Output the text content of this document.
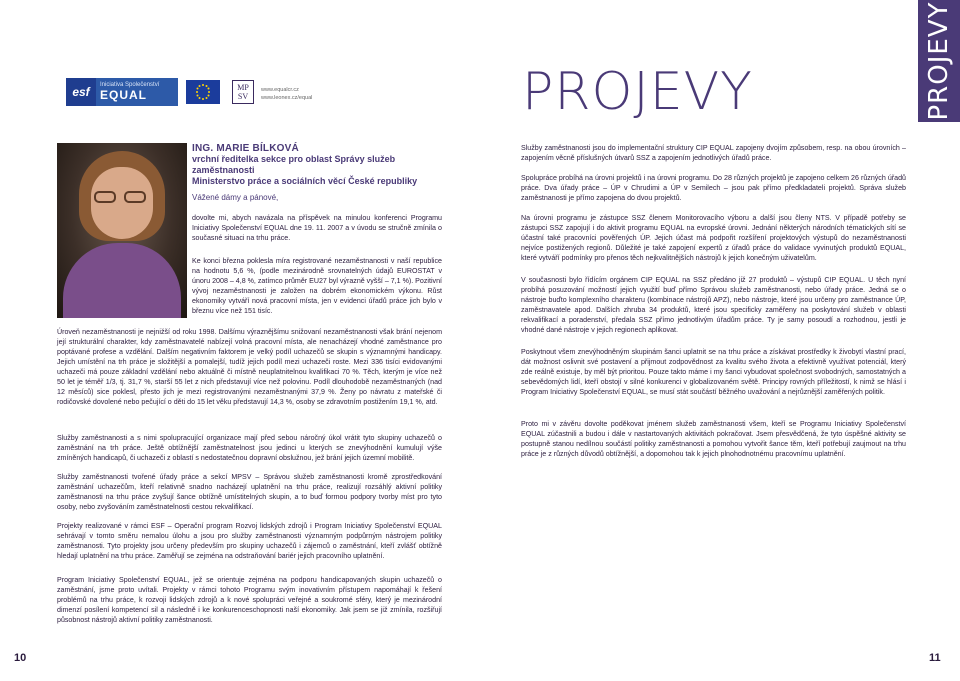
esf	Iniciativa Společenství
EQUAL
MP
SV
www.equalcr.cz
www.leonex.cz/equal	PROJEVY	PROJEVY
ING. MARIE BÍLKOVÁ
vrchní ředitelka sekce pro oblast Správy služeb zaměstnanosti
Ministerstvo práce a sociálních věcí České republiky
Vážené dámy a pánové,

dovolte mi, abych navázala na příspěvek na minulou konferenci Programu Iniciativy Společenství EQUAL dne 19. 11. 2007 a v úvodu se stručně zmínila o současné situaci na trhu práce.

Ke konci března poklesla míra registrované nezaměstnanosti v naší republice na hodnotu 5,6 %, (podle mezinárodně srovnatelných údajů EUROSTAT v únoru 2008 – 4,8 %, zatímco průměr EU27 byl výrazně vyšší – 7,1 %). Pozitivní vývoj nezaměstnanosti je založen na dobrém ekonomickém výkonu. Růst ekonomiky vytváří nová pracovní místa, jen v evidenci úřadů práce jich bylo v březnu více než 151 tisíc.

Úroveň nezaměstnanosti je nejnižší od roku 1998. Dalšímu výraznějšímu snižovaní nezaměstnanosti však brání nejenom její strukturální charakter, kdy zaměstnavatelé nabízejí volná pracovní místa, ale nenacházejí vhodné zaměstnance pro poptávané profese a vzdělání. Dalším negativním faktorem je velký podíl uchazečů se skupin s významnými handicapy. Jejich umístění na trh práce je složitější a pomalejší, tudíž jejich podíl mezi uchazeči roste. Mezi 336 tisíci evidovanými uchazeči má pouze základní vzdělání nebo aktuálně či místně neuplatnitelnou kvalifikaci 70 %. Těch, kterým je více než 50 let je téměř 1/3, tj. 31,7 %, starší 55 let z nich představují více než polovinu. Podíl dlouhodobě nezaměstnaných (nad 12 měsíců) sice poklesl, přesto jich je mezi registrovanými nezaměstnanými 37,9 %. Ženy po návratu z mateřské či rodičovské dovolené nebo pečující o děti do 15 let věku představují 14,3 %, osoby se zdravotním postižením 19,1 %, atd.

Služby zaměstnanosti a s nimi spolupracující organizace mají před sebou náročný úkol vrátit tyto skupiny uchazečů o zaměstnání na trh práce. Ještě obtížnější zaměstnatelnost jsou jedinci u kterých se znevýhodnění kumulují výše zmíněných handicapů, či uchazeči z oblastí s nedostatečnou dopravní obslužnou, jež brání jejich územní mobilitě.

Služby zaměstnanosti tvořené úřady práce a sekcí MPSV – Správou služeb zaměstnanosti kromě zprostředkování zaměstnání uchazečům, kteří relativně snadno nacházejí uplatnění na trhu práce, realizují rozsáhlý aktivní politiky zaměstnanosti na trhu práce zvyšují šance obtížně umístitelných skupin, a to buď formou podpory tvorby míst pro tyto osoby, nebo zvyšováním zaměstnatelnosti cestou rekvalifikací.

Projekty realizované v rámci ESF – Operační program Rozvoj lidských zdrojů i Program Iniciativy Společenství EQUAL sehrávají v tomto směru nemalou úlohu a jsou pro služby zaměstnanosti významným podpůrným nástrojem politiky zaměstnanosti. Tyto projekty jsou určeny především pro skupiny uchazečů i zájemců o zaměstnání, kteří zvlášť obtížně hledají uplatnění na trhu práce. Zaměřují se zejména na odstraňování bariér jejich pracovního uplatnění.

Program Iniciativy Společenství EQUAL, jež se orientuje zejména na podporu handicapovaných skupin uchazečů o zaměstnání, jsme proto uvítali. Projekty v rámci tohoto Programu svým inovativním přístupem napomáhají k řešení problémů na trhu práce, k rozvoji lidských zdrojů a k nové spolupráci veřejné a soukromé sféry, který je mezinárodní dimenzí posílení kompetencí sil a následně i ke konkurenceschopnosti naší ekonomiky. Jak jsem se již zmínila, rozšiřují působnost nástrojů aktivní politiky zaměstnanosti.

Služby zaměstnanosti jsou do implementační struktury CIP EQUAL zapojeny dvojím způsobem, resp. na obou úrovních – zapojením věcně příslušných útvarů SSZ a zapojením jednotlivých úřadů práce.

Spolupráce probíhá na úrovni projektů i na úrovni programu. Do 28 různých projektů je zapojeno celkem 26 různých úřadů práce. Dva úřady práce – ÚP v Chrudimi a ÚP v Semilech – jsou pak přímo předkladateli projektů. Správa služeb zaměstnanosti je přímo zapojena do dvou projektů.

Na úrovni programu je zástupce SSZ členem Monitorovacího výboru a další jsou členy NTS. V případě potřeby se zástupci SSZ zapojují i do aktivit programu EQUAL na evropské úrovni. Jednání některých národních tématických sítí se účastní také pracovníci pověřených ÚP. Jejich účast má podpořit rozšíření projektových výstupů do nezaměstnanosti nejvíce postižených regionů. Důležité je také zapojení expertů z úřadů práce do validace vyvinutých produktů EQUAL, které vytváří podmínky pro přenos těch nejkvalitnějších nástrojů k jejich konečným uživatelům.

V současnosti bylo řídícím orgánem CIP EQUAL na SSZ předáno již 27 produktů – výstupů CIP EQUAL. U těch nyní probíhá posuzování možností jejich využití buď přímo Správou služeb zaměstnanosti, nebo úřady práce. Jedná se o nástroje buďto komplexního charakteru (kombinace nástrojů APZ), nebo nástroje, které jsou určeny pro zaměstnance ÚP, zaměstnavatele apod. Dalších zhruba 34 produktů, které jsou specificky zaměřeny na poskytování služeb v oblasti rekvalifikací a poradenství, předala SSZ přímo jednotlivým úřadům práce. Ty je samy posoudí a rozhodnou, jestli je vhodné dané nástroje v jejich regionech aplikovat.

Poskytnout všem znevýhodněným skupinám šanci uplatnit se na trhu práce a získávat prostředky k živobytí vlastní prací, dát možnost oslivnit své postavení a přijmout zodpovědnost za kvalitu svého života a efektivně využívat potenciál, který zde reálně existuje, by měl být prioritou. Pouze takto máme i my šanci vybudovat společnost svobodných, samostatných a sebevědomých lidí, kteří obstojí v silné konkurenci v globalizovaném světě. Principy rovných příležitostí, k nimž se hlásí i Program Iniciativy Společenství EQUAL, se musí stát součástí běžného uvažování a nejrůznější zaměřených politik.

Proto mi v závěru dovolte poděkovat jménem služeb zaměstnanosti všem, kteří se Programu Iniciativy Společenství EQUAL zúčastnili a budou i dále v nastartovaných aktivitách pokračovat. Jsem přesvědčená, že tyto úspěšné aktivity se postupně stanou nedílnou součástí politiky zaměstnanosti a pomohou vytvořit šance těm, kteří potřebují zaujmout na trhu práce je z různých důvodů obtížnější, a dopomohou tak k jejich plnohodnotnému pracovnímu uplatnění.

10	11
